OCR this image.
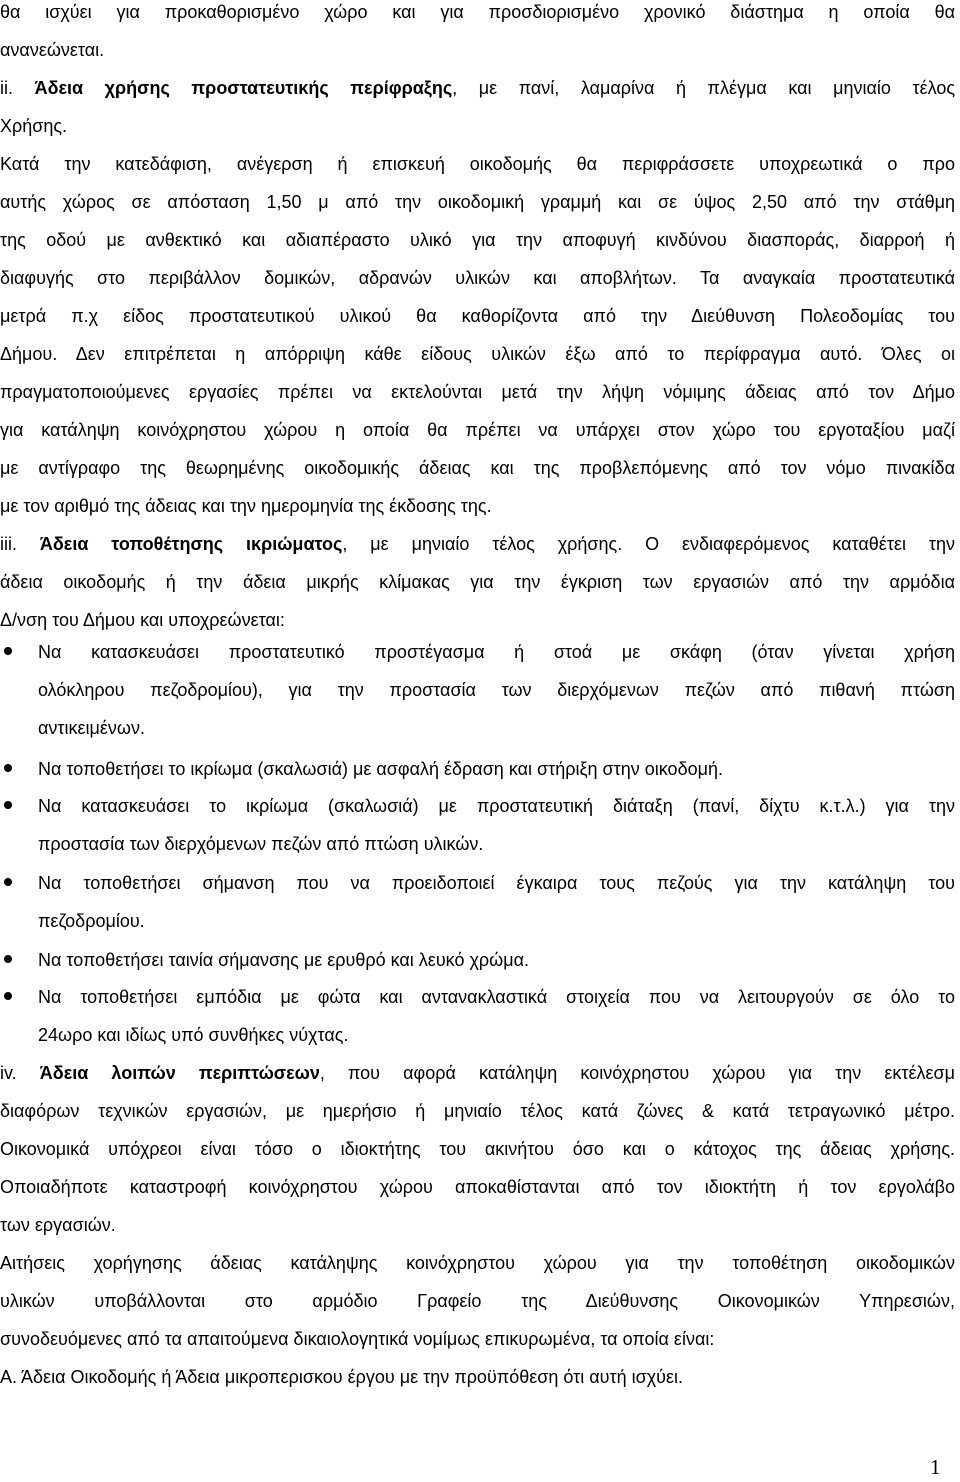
θα ισχύει για προκαθορισμένο χώρο και για προσδιορισμένο χρονικό διάστημα η οποία θα
ανανεώνεται.
ii. Άδεια χρήσης προστατευτικής περίφραξης, με πανί, λαμαρίνα ή πλέγμα και μηνιαίο τέλος
Χρήσης.
Κατά την κατεδάφιση, ανέγερση ή επισκευή οικοδομής θα περιφράσσετε υποχρεωτικά ο προ
αυτής χώρος σε απόσταση 1,50 μ από την οικοδομική γραμμή και σε ύψος 2,50 από την στάθμη
της οδού με ανθεκτικό και αδιαπέραστο υλικό για την αποφυγή κινδύνου διασποράς, διαρροή ή
διαφυγής στο περιβάλλον δομικών, αδρανών υλικών και αποβλήτων. Τα αναγκαία προστατευτικά
μετρά π.χ είδος προστατευτικού υλικού θα καθορίζοντα από την Διεύθυνση Πολεοδομίας του
Δήμου. Δεν επιτρέπεται η απόρριψη κάθε είδους υλικών έξω από το περίφραγμα αυτό. Όλες οι
πραγματοποιούμενες εργασίες πρέπει να εκτελούνται μετά την λήψη νόμιμης άδειας από τον Δήμο
για κατάληψη κοινόχρηστου χώρου η οποία θα πρέπει να υπάρχει στον χώρο του εργοταξίου μαζί
με αντίγραφο της θεωρημένης οικοδομικής άδειας και της προβλεπόμενης από τον νόμο πινακίδα
με τον αριθμό της άδειας και την ημερομηνία της έκδοσης της.
iii. Άδεια τοποθέτησης ικριώματος, με μηνιαίο τέλος χρήσης. Ο ενδιαφερόμενος καταθέτει την
άδεια οικοδομής ή την άδεια μικρής κλίμακας για την έγκριση των εργασιών από την αρμόδια
Δ/νση του Δήμου και υποχρεώνεται:
Να κατασκευάσει προστατευτικό προστέγασμα ή στοά με σκάφη (όταν γίνεται χρήση
ολόκληρου πεζοδρομίου), για την προστασία των διερχόμενων πεζών από πιθανή πτώση
αντικειμένων.
Να τοποθετήσει το ικρίωμα (σκαλωσιά) με ασφαλή έδραση και στήριξη στην οικοδομή.
Να κατασκευάσει το ικρίωμα (σκαλωσιά) με προστατευτική διάταξη (πανί, δίχτυ κ.τ.λ.) για την
προστασία των διερχόμενων πεζών από πτώση υλικών.
Να τοποθετήσει σήμανση που να προειδοποιεί έγκαιρα τους πεζούς για την κατάληψη του
πεζοδρομίου.
Να τοποθετήσει ταινία σήμανσης με ερυθρό και λευκό χρώμα.
Να τοποθετήσει εμπόδια με φώτα και αντανακλαστικά στοιχεία που να λειτουργούν σε όλο το
24ωρο και ιδίως υπό συνθήκες νύχτας.
iv. Άδεια λοιπών περιπτώσεων, που αφορά κατάληψη κοινόχρηστου χώρου για την εκτέλεσμ
διαφόρων τεχνικών εργασιών, με ημερήσιο ή μηνιαίο τέλος κατά ζώνες & κατά τετραγωνικό μέτρο.
Οικονομικά υπόχρεοι είναι τόσο ο ιδιοκτήτης του ακινήτου όσο και ο κάτοχος της άδειας χρήσης.
Οποιαδήποτε καταστροφή κοινόχρηστου χώρου αποκαθίστανται από τον ιδιοκτήτη ή τον εργολάβο
των εργασιών.
Αιτήσεις χορήγησης άδειας κατάληψης κοινόχρηστου χώρου για την τοποθέτηση οικοδομικών
υλικών υποβάλλονται στο αρμόδιο Γραφείο της Διεύθυνσης Οικονομικών Υπηρεσιών,
συνοδευόμενες από τα απαιτούμενα δικαιολογητικά νομίμως επικυρωμένα, τα οποία είναι:
Α. Άδεια Οικοδομής ή Άδεια μικροπερισκου έργου με την προϋπόθεση ότι αυτή ισχύει.
1
